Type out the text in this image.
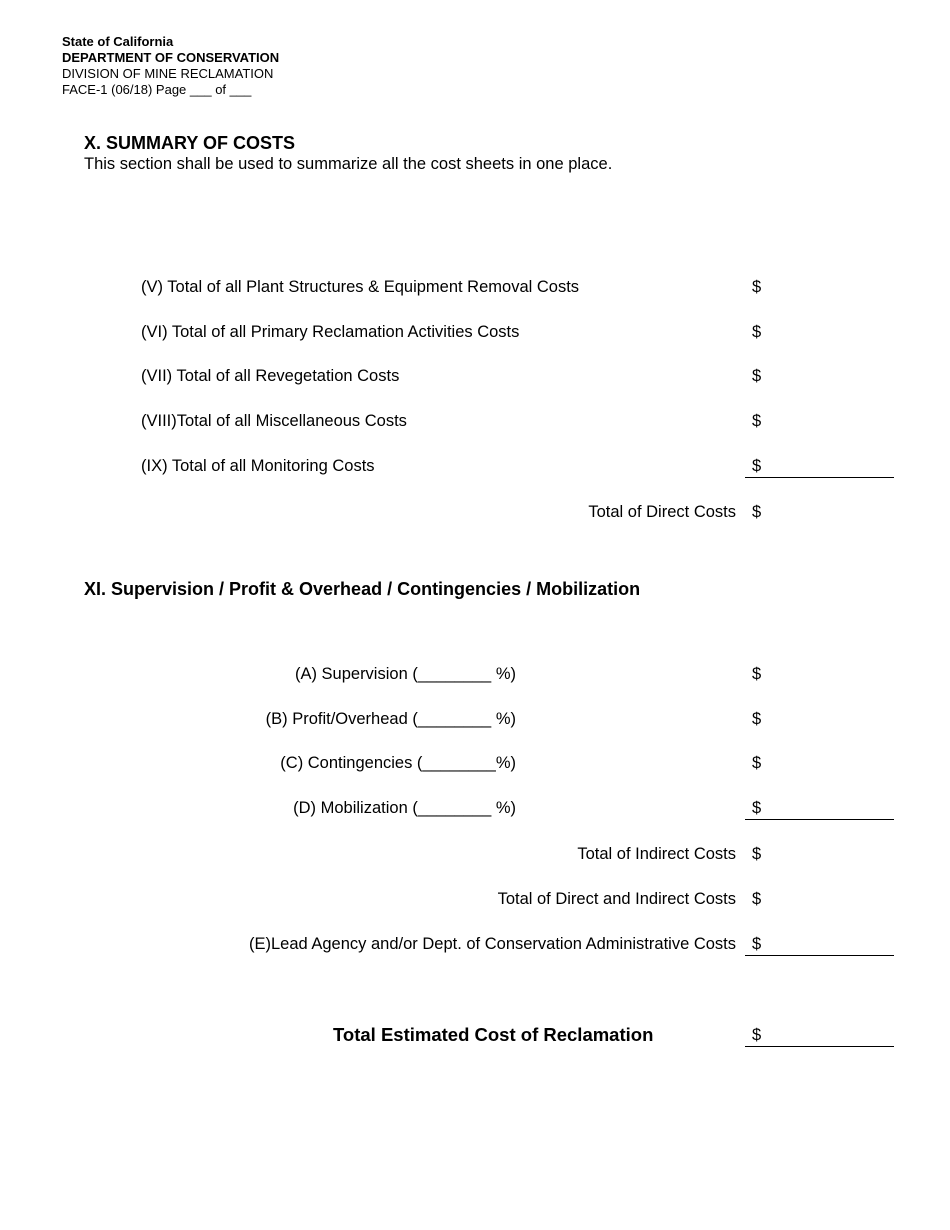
State of California
DEPARTMENT OF CONSERVATION
DIVISION OF MINE RECLAMATION
FACE-1 (06/18) Page ___ of ___
X. SUMMARY OF COSTS
This section shall be used to summarize all the cost sheets in one place.
(V) Total of all Plant Structures & Equipment Removal Costs	$
(VI) Total of all Primary Reclamation Activities Costs	$
(VII) Total of all Revegetation Costs	$
(VIII)Total of all Miscellaneous Costs	$
(IX) Total of all Monitoring Costs	$
Total of Direct Costs $
XI. Supervision / Profit & Overhead / Contingencies / Mobilization
(A) Supervision (________ %)	$
(B) Profit/Overhead (________ %)	$
(C) Contingencies (________%)	$
(D) Mobilization (________ %)	$
Total of Indirect Costs $
Total of Direct and Indirect Costs $
(E)Lead Agency and/or Dept. of Conservation Administrative Costs $
Total Estimated Cost of Reclamation	$
